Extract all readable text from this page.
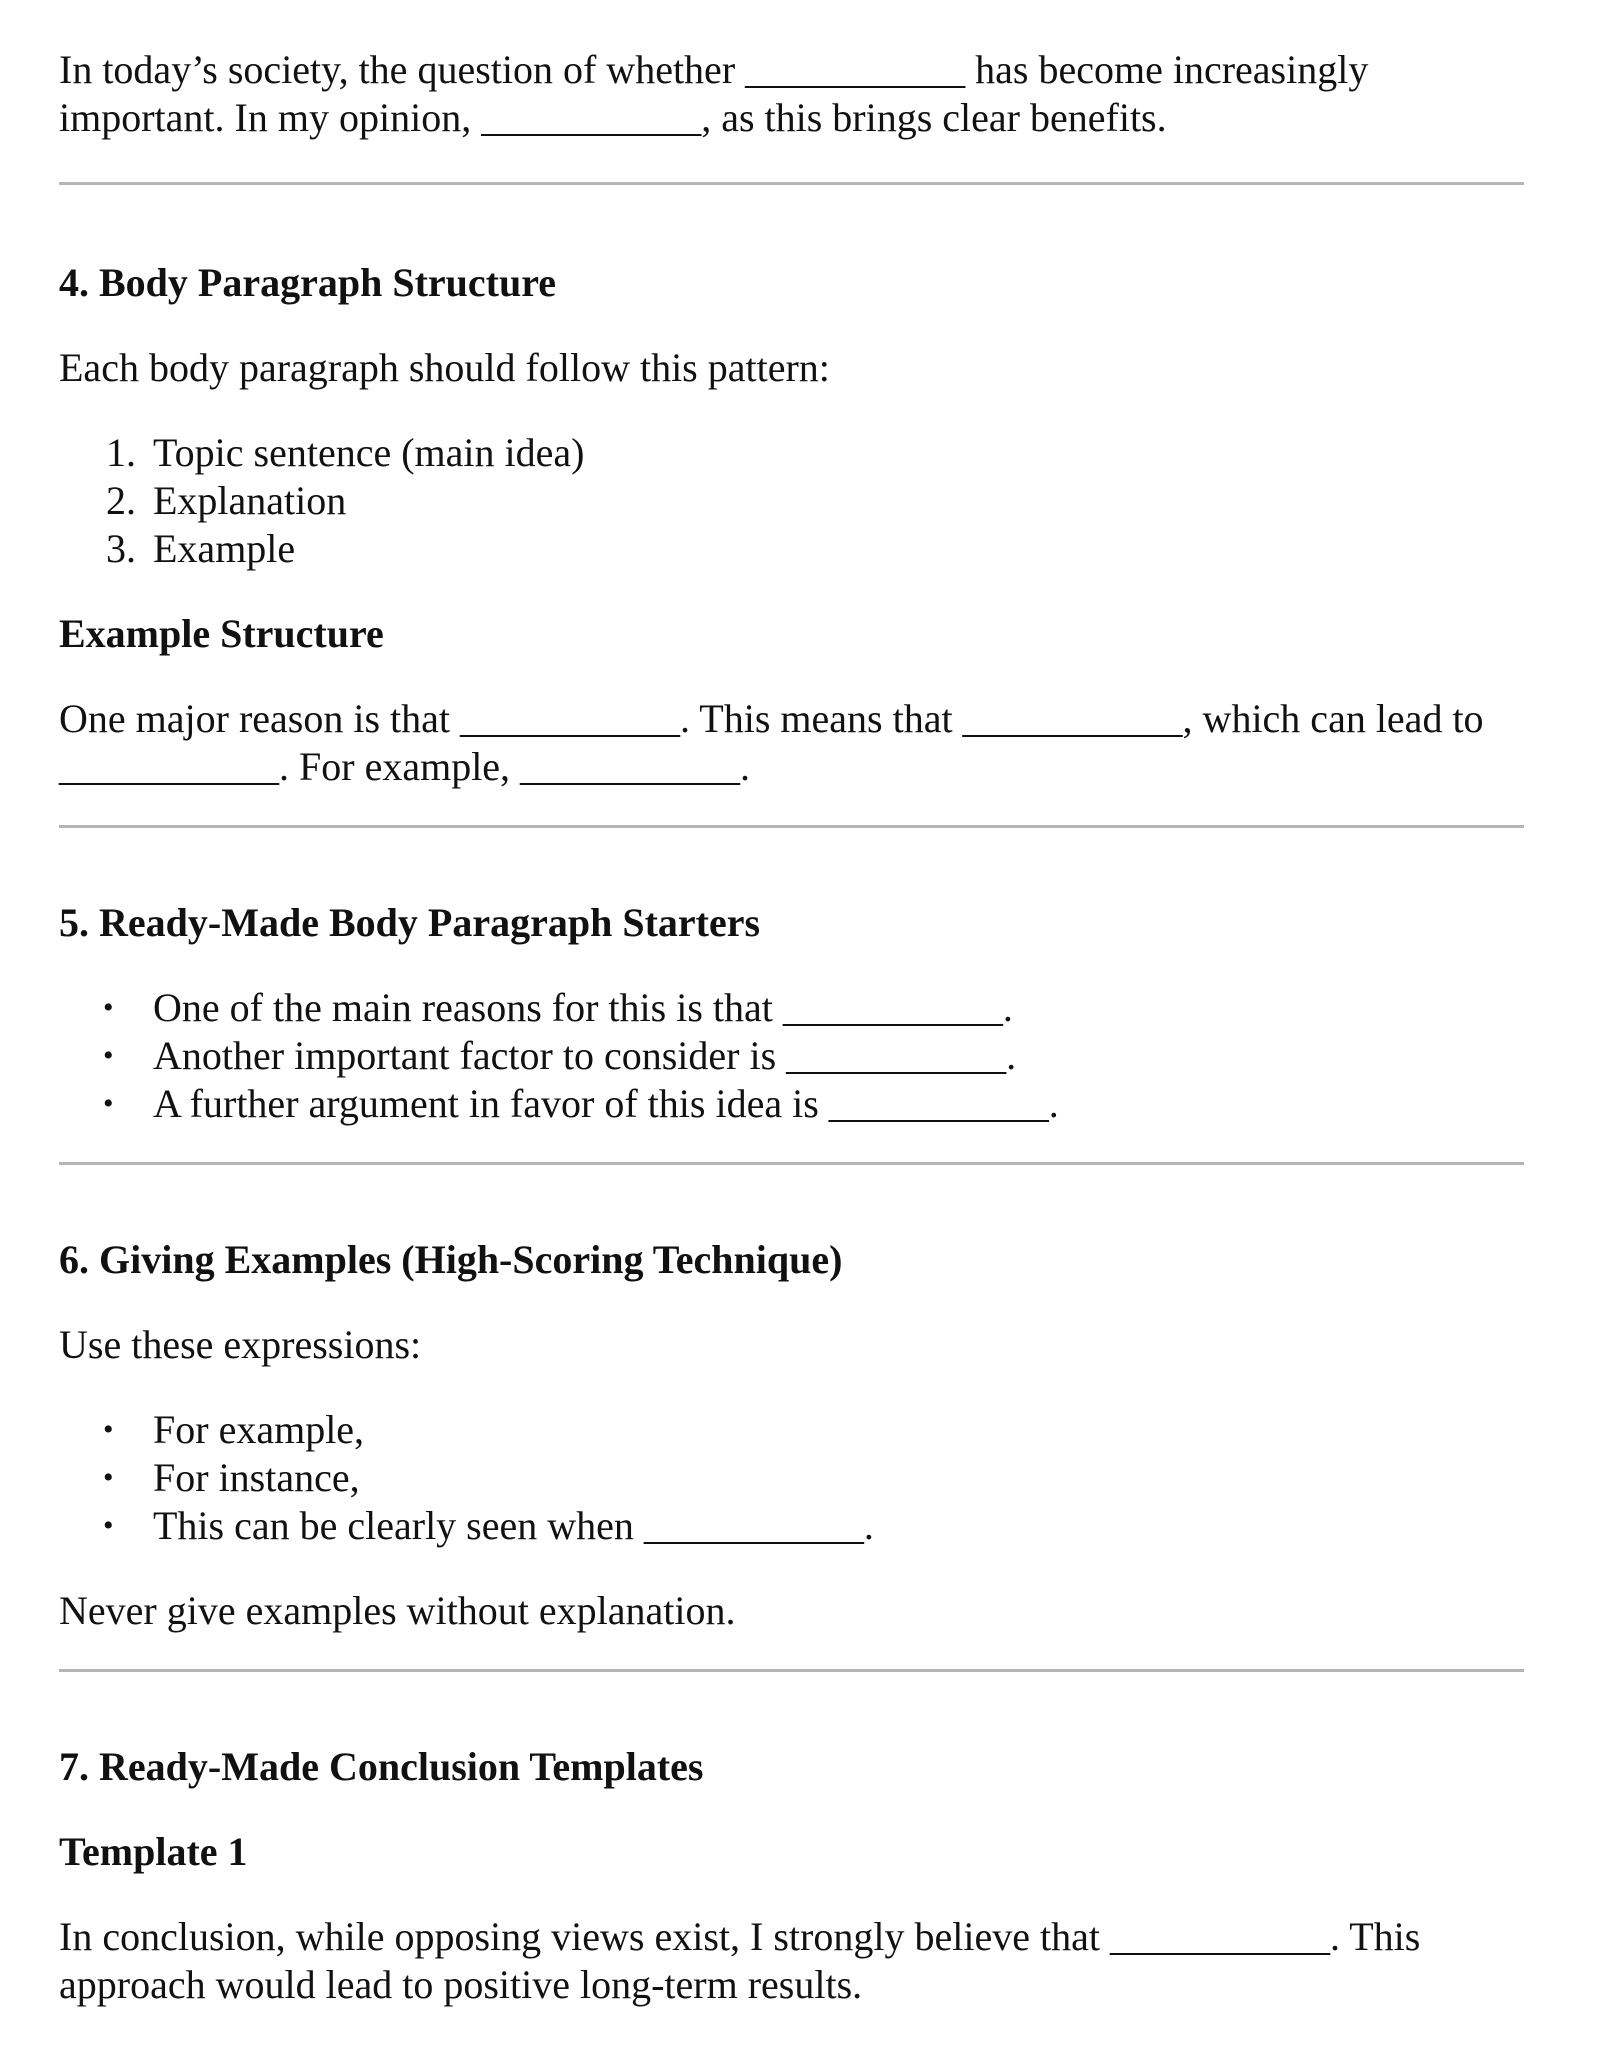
In today’s society, the question of whether ___________ has become increasingly

important. In my opinion, ___________, as this brings clear benefits.

4. Body Paragraph Structure

Each body paragraph should follow this pattern:

1. Topic sentence (main idea)
2. Explanation
3. Example
Example Structure

One major reason is that ___________. This means that ___________, which can lead to

___________. For example, ___________.

5. Ready-Made Body Paragraph Starters
• One of the main reasons for this is that ___________.
• Another important factor to consider is ___________.
• A further argument in favor of this idea is ___________.
6. Giving Examples (High-Scoring Technique)

Use these expressions:

• For example,
• For instance,
• This can be clearly seen when ___________.

Never give examples without explanation.

7. Ready-Made Conclusion Templates
Template 1

In conclusion, while opposing views exist, I strongly believe that ___________. This

approach would lead to positive long-term results.
